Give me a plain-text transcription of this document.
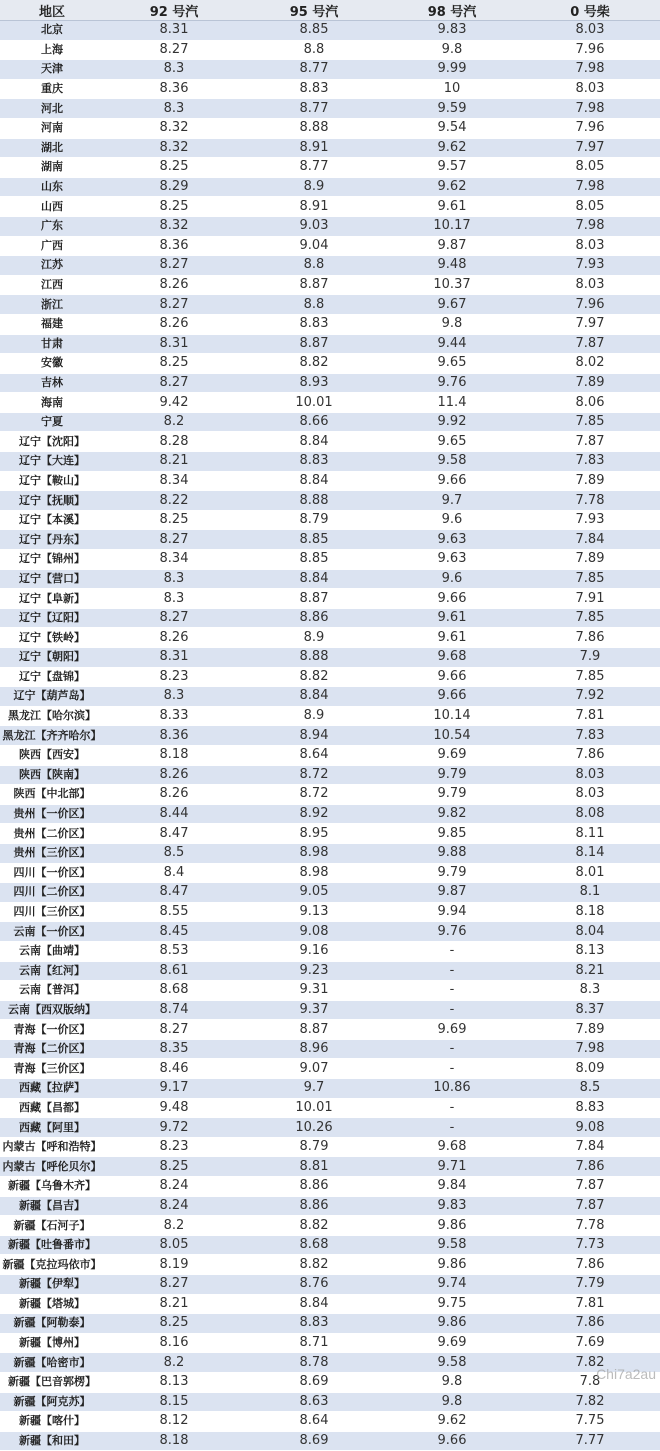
地区	92 号汽	95 号汽	98 号汽	0 号柴
北京	8.31	8.85	9.83	8.03
上海	8.27	8.8	9.8	7.96
天津	8.3	8.77	9.99	7.98
重庆	8.36	8.83	10	8.03
河北	8.3	8.77	9.59	7.98
河南	8.32	8.88	9.54	7.96
湖北	8.32	8.91	9.62	7.97
湖南	8.25	8.77	9.57	8.05
山东	8.29	8.9	9.62	7.98
山西	8.25	8.91	9.61	8.05
广东	8.32	9.03	10.17	7.98
广西	8.36	9.04	9.87	8.03
江苏	8.27	8.8	9.48	7.93
江西	8.26	8.87	10.37	8.03
浙江	8.27	8.8	9.67	7.96
福建	8.26	8.83	9.8	7.97
甘肃	8.31	8.87	9.44	7.87
安徽	8.25	8.82	9.65	8.02
吉林	8.27	8.93	9.76	7.89
海南	9.42	10.01	11.4	8.06
宁夏	8.2	8.66	9.92	7.85
辽宁【沈阳】	8.28	8.84	9.65	7.87
辽宁【大连】	8.21	8.83	9.58	7.83
辽宁【鞍山】	8.34	8.84	9.66	7.89
辽宁【抚顺】	8.22	8.88	9.7	7.78
辽宁【本溪】	8.25	8.79	9.6	7.93
辽宁【丹东】	8.27	8.85	9.63	7.84
辽宁【锦州】	8.34	8.85	9.63	7.89
辽宁【营口】	8.3	8.84	9.6	7.85
辽宁【阜新】	8.3	8.87	9.66	7.91
辽宁【辽阳】	8.27	8.86	9.61	7.85
辽宁【铁岭】	8.26	8.9	9.61	7.86
辽宁【朝阳】	8.31	8.88	9.68	7.9
辽宁【盘锦】	8.23	8.82	9.66	7.85
辽宁【葫芦岛】	8.3	8.84	9.66	7.92
黑龙江【哈尔滨】	8.33	8.9	10.14	7.81
黑龙江【齐齐哈尔】	8.36	8.94	10.54	7.83
陕西【西安】	8.18	8.64	9.69	7.86
陕西【陕南】	8.26	8.72	9.79	8.03
陕西【中北部】	8.26	8.72	9.79	8.03
贵州【一价区】	8.44	8.92	9.82	8.08
贵州【二价区】	8.47	8.95	9.85	8.11
贵州【三价区】	8.5	8.98	9.88	8.14
四川【一价区】	8.4	8.98	9.79	8.01
四川【二价区】	8.47	9.05	9.87	8.1
四川【三价区】	8.55	9.13	9.94	8.18
云南【一价区】	8.45	9.08	9.76	8.04
云南【曲靖】	8.53	9.16	-	8.13
云南【红河】	8.61	9.23	-	8.21
云南【普洱】	8.68	9.31	-	8.3
云南【西双版纳】	8.74	9.37	-	8.37
青海【一价区】	8.27	8.87	9.69	7.89
青海【二价区】	8.35	8.96	-	7.98
青海【三价区】	8.46	9.07	-	8.09
西藏【拉萨】	9.17	9.7	10.86	8.5
西藏【昌都】	9.48	10.01	-	8.83
西藏【阿里】	9.72	10.26	-	9.08
内蒙古【呼和浩特】	8.23	8.79	9.68	7.84
内蒙古【呼伦贝尔】	8.25	8.81	9.71	7.86
新疆【乌鲁木齐】	8.24	8.86	9.84	7.87
新疆【昌吉】	8.24	8.86	9.83	7.87
新疆【石河子】	8.2	8.82	9.86	7.78
新疆【吐鲁番市】	8.05	8.68	9.58	7.73
新疆【克拉玛依市】	8.19	8.82	9.86	7.86
新疆【伊犁】	8.27	8.76	9.74	7.79
新疆【塔城】	8.21	8.84	9.75	7.81
新疆【阿勒泰】	8.25	8.83	9.86	7.86
新疆【博州】	8.16	8.71	9.69	7.69
新疆【哈密市】	8.2	8.78	9.58	7.82
新疆【巴音郭楞】	8.13	8.69	9.8	7.8
新疆【阿克苏】	8.15	8.63	9.8	7.82
新疆【喀什】	8.12	8.64	9.62	7.75
新疆【和田】	8.18	8.69	9.66	7.77
Chi7a2au
